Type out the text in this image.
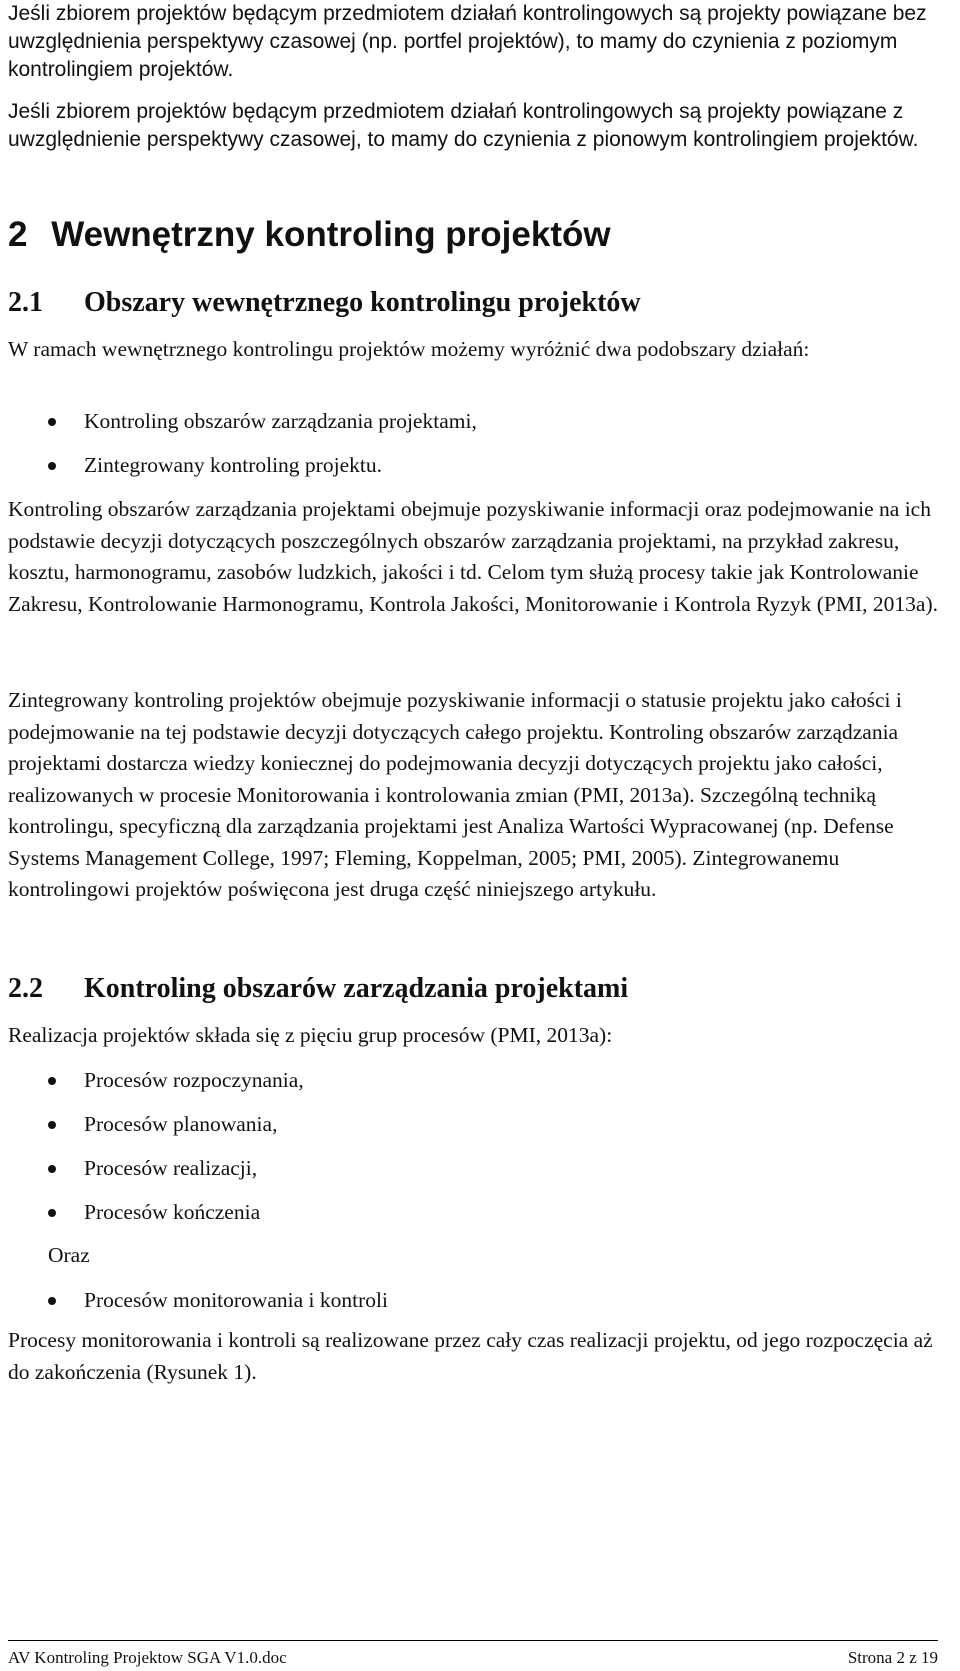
Jeśli zbiorem projektów będącym przedmiotem działań kontrolingowych są projekty powiązane bez uwzględnienia perspektywy czasowej (np. portfel projektów), to mamy do czynienia z poziomym kontrolingiem projektów.

Jeśli zbiorem projektów będącym przedmiotem działań kontrolingowych są projekty powiązane z uwzględnienie perspektywy czasowej, to mamy do czynienia z pionowym kontrolingiem projektów.

2 Wewnętrzny kontroling projektów
2.1 Obszary wewnętrznego kontrolingu projektów

W ramach wewnętrznego kontrolingu projektów możemy wyróżnić dwa podobszary działań:

Kontroling obszarów zarządzania projektami,
Zintegrowany kontroling projektu.

Kontroling obszarów zarządzania projektami obejmuje pozyskiwanie informacji oraz podejmowanie na ich podstawie decyzji dotyczących poszczególnych obszarów zarządzania projektami, na przykład zakresu, kosztu, harmonogramu, zasobów ludzkich, jakości i td. Celom tym służą procesy takie jak Kontrolowanie Zakresu, Kontrolowanie Harmonogramu, Kontrola Jakości, Monitorowanie i Kontrola Ryzyk (PMI, 2013a).

Zintegrowany kontroling projektów obejmuje pozyskiwanie informacji o statusie projektu jako całości i podejmowanie na tej podstawie decyzji dotyczących całego projektu. Kontroling obszarów zarządzania projektami dostarcza wiedzy koniecznej do podejmowania decyzji dotyczących projektu jako całości, realizowanych w procesie Monitorowania i kontrolowania zmian (PMI, 2013a). Szczególną techniką kontrolingu, specyficzną dla zarządzania projektami jest Analiza Wartości Wypracowanej (np. Defense Systems Management College, 1997; Fleming, Koppelman, 2005; PMI, 2005). Zintegrowanemu kontrolingowi projektów poświęcona jest druga część niniejszego artykułu.

2.2 Kontroling obszarów zarządzania projektami

Realizacja projektów składa się z pięciu grup procesów (PMI, 2013a):

Procesów rozpoczynania,
Procesów planowania,
Procesów realizacji,
Procesów kończenia

Oraz

Procesów monitorowania i kontroli

Procesy monitorowania i kontroli są realizowane przez cały czas realizacji projektu, od jego rozpoczęcia aż do zakończenia (Rysunek 1).

AV Kontroling Projektow SGA V1.0.doc	Strona 2 z 19
